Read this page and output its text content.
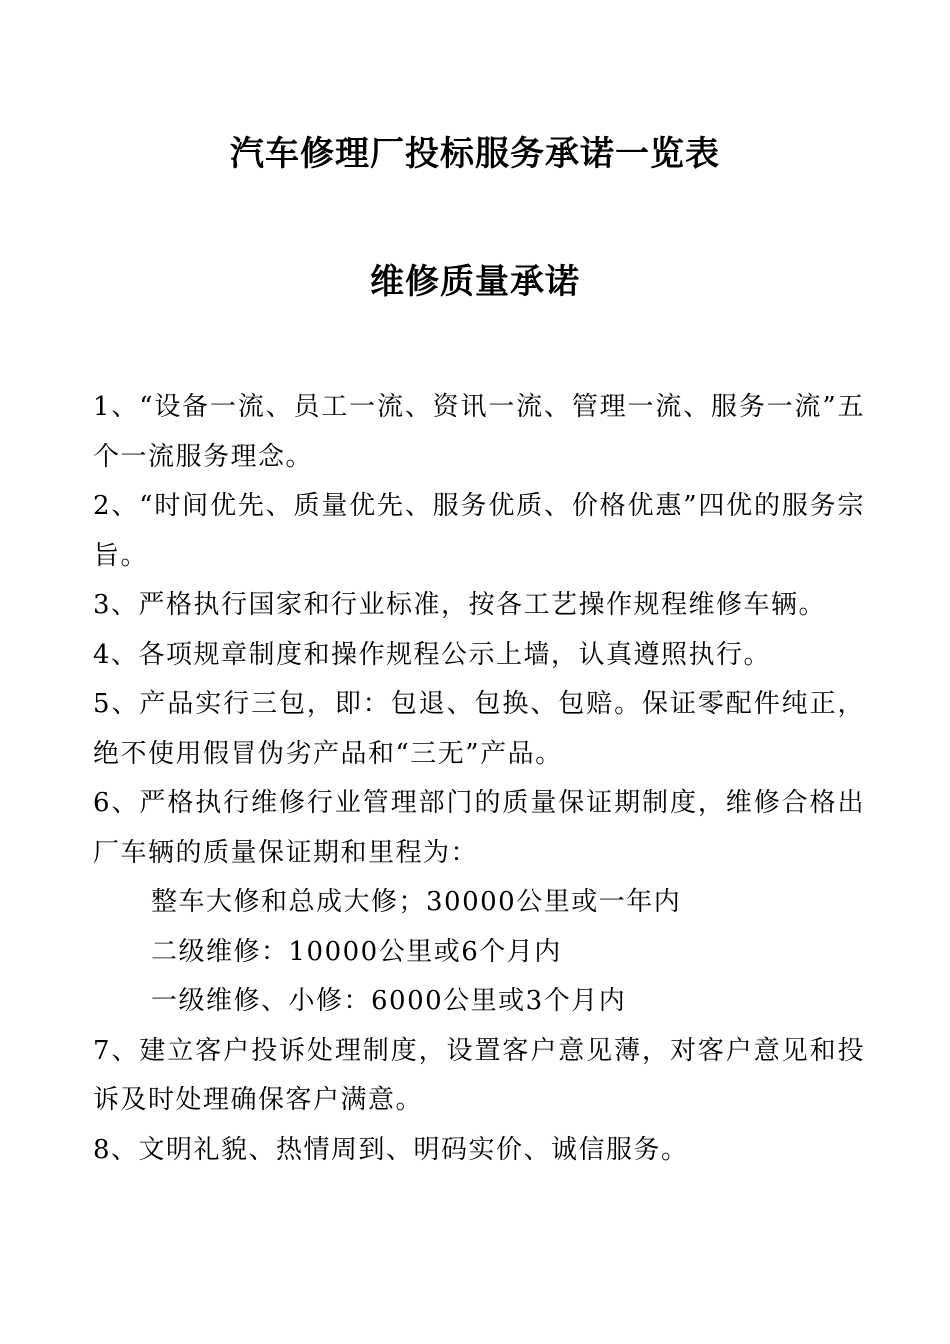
汽车修理厂投标服务承诺一览表
维修质量承诺

1、“设备一流、员工一流、资讯一流、管理一流、服务一流”五个一流服务理念。

2、“时间优先、质量优先、服务优质、价格优惠”四优的服务宗旨。

3、严格执行国家和行业标准，按各工艺操作规程维修车辆。

4、各项规章制度和操作规程公示上墙，认真遵照执行。

5、产品实行三包，即：包退、包换、包赔。保证零配件纯正，绝不使用假冒伪劣产品和“三无”产品。

6、严格执行维修行业管理部门的质量保证期制度，维修合格出厂车辆的质量保证期和里程为：

整车大修和总成大修；30000公里或一年内

二级维修：10000公里或6个月内

一级维修、小修：6000公里或3个月内

7、建立客户投诉处理制度，设置客户意见薄，对客户意见和投诉及时处理确保客户满意。

8、文明礼貌、热情周到、明码实价、诚信服务。
